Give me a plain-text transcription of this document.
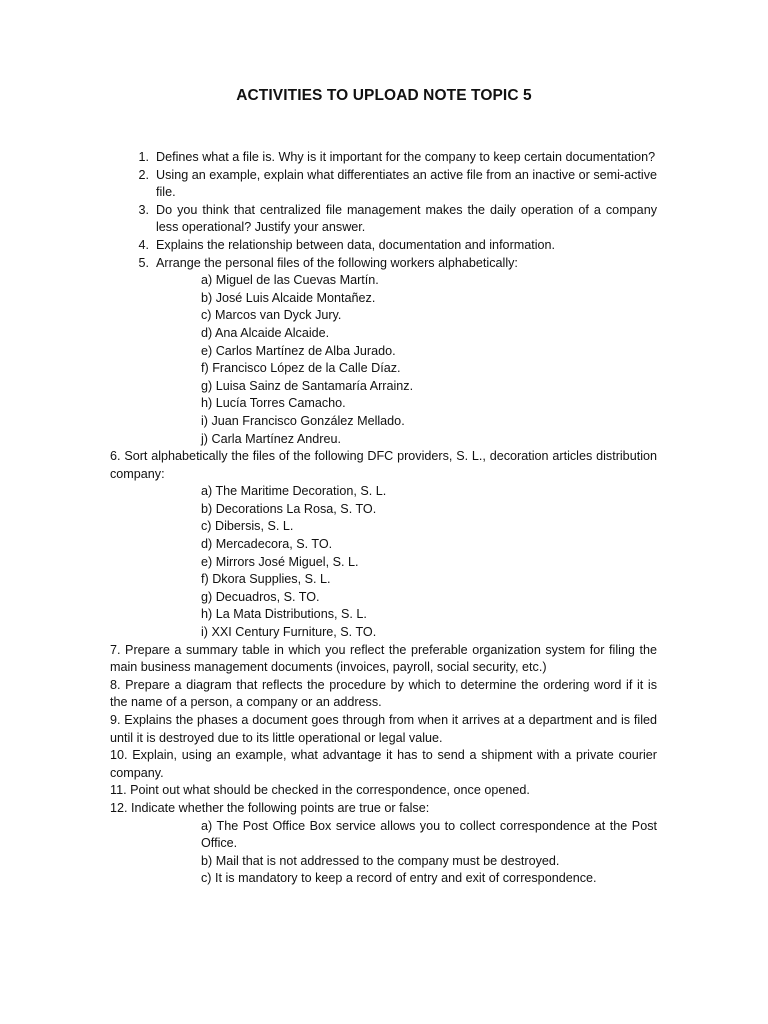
ACTIVITIES TO UPLOAD NOTE TOPIC 5
1. Defines what a file is. Why is it important for the company to keep certain documentation?
2. Using an example, explain what differentiates an active file from an inactive or semi-active file.
3. Do you think that centralized file management makes the daily operation of a company less operational? Justify your answer.
4. Explains the relationship between data, documentation and information.
5. Arrange the personal files of the following workers alphabetically:
a) Miguel de las Cuevas Martín.
b) José Luis Alcaide Montañez.
c) Marcos van Dyck Jury.
d) Ana Alcaide Alcaide.
e) Carlos Martínez de Alba Jurado.
f) Francisco López de la Calle Díaz.
g) Luisa Sainz de Santamaría Arrainz.
h) Lucía Torres Camacho.
i) Juan Francisco González Mellado.
j) Carla Martínez Andreu.

6. Sort alphabetically the files of the following DFC providers, S. L., decoration articles distribution company:

a) The Maritime Decoration, S. L.
b) Decorations La Rosa, S. TO.
c) Dibersis, S. L.
d) Mercadecora, S. TO.
e) Mirrors José Miguel, S. L.
f) Dkora Supplies, S. L.
g) Decuadros, S. TO.
h) La Mata Distributions, S. L.
i) XXI Century Furniture, S. TO.

7. Prepare a summary table in which you reflect the preferable organization system for filing the main business management documents (invoices, payroll, social security, etc.)

8. Prepare a diagram that reflects the procedure by which to determine the ordering word if it is the name of a person, a company or an address.

9. Explains the phases a document goes through from when it arrives at a department and is filed until it is destroyed due to its little operational or legal value.

10. Explain, using an example, what advantage it has to send a shipment with a private courier company.

11. Point out what should be checked in the correspondence, once opened.

12. Indicate whether the following points are true or false:

a) The Post Office Box service allows you to collect correspondence at the Post Office.
b) Mail that is not addressed to the company must be destroyed.
c) It is mandatory to keep a record of entry and exit of correspondence.
